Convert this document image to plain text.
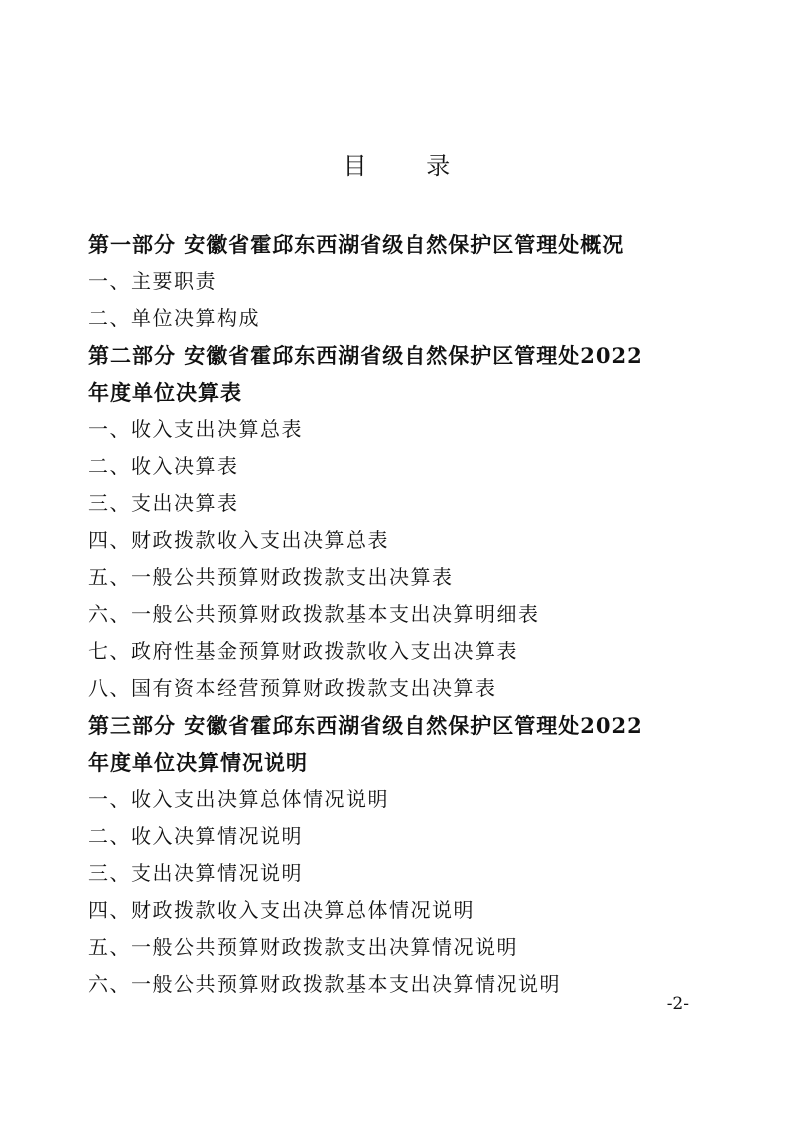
目 录
第一部分 安徽省霍邱东西湖省级自然保护区管理处概况
一、主要职责
二、单位决算构成
第二部分 安徽省霍邱东西湖省级自然保护区管理处2022
年度单位决算表
一、收入支出决算总表
二、收入决算表
三、支出决算表
四、财政拨款收入支出决算总表
五、一般公共预算财政拨款支出决算表
六、一般公共预算财政拨款基本支出决算明细表
七、政府性基金预算财政拨款收入支出决算表
八、国有资本经营预算财政拨款支出决算表
第三部分 安徽省霍邱东西湖省级自然保护区管理处2022
年度单位决算情况说明
一、收入支出决算总体情况说明
二、收入决算情况说明
三、支出决算情况说明
四、财政拨款收入支出决算总体情况说明
五、一般公共预算财政拨款支出决算情况说明
六、一般公共预算财政拨款基本支出决算情况说明
-2-
